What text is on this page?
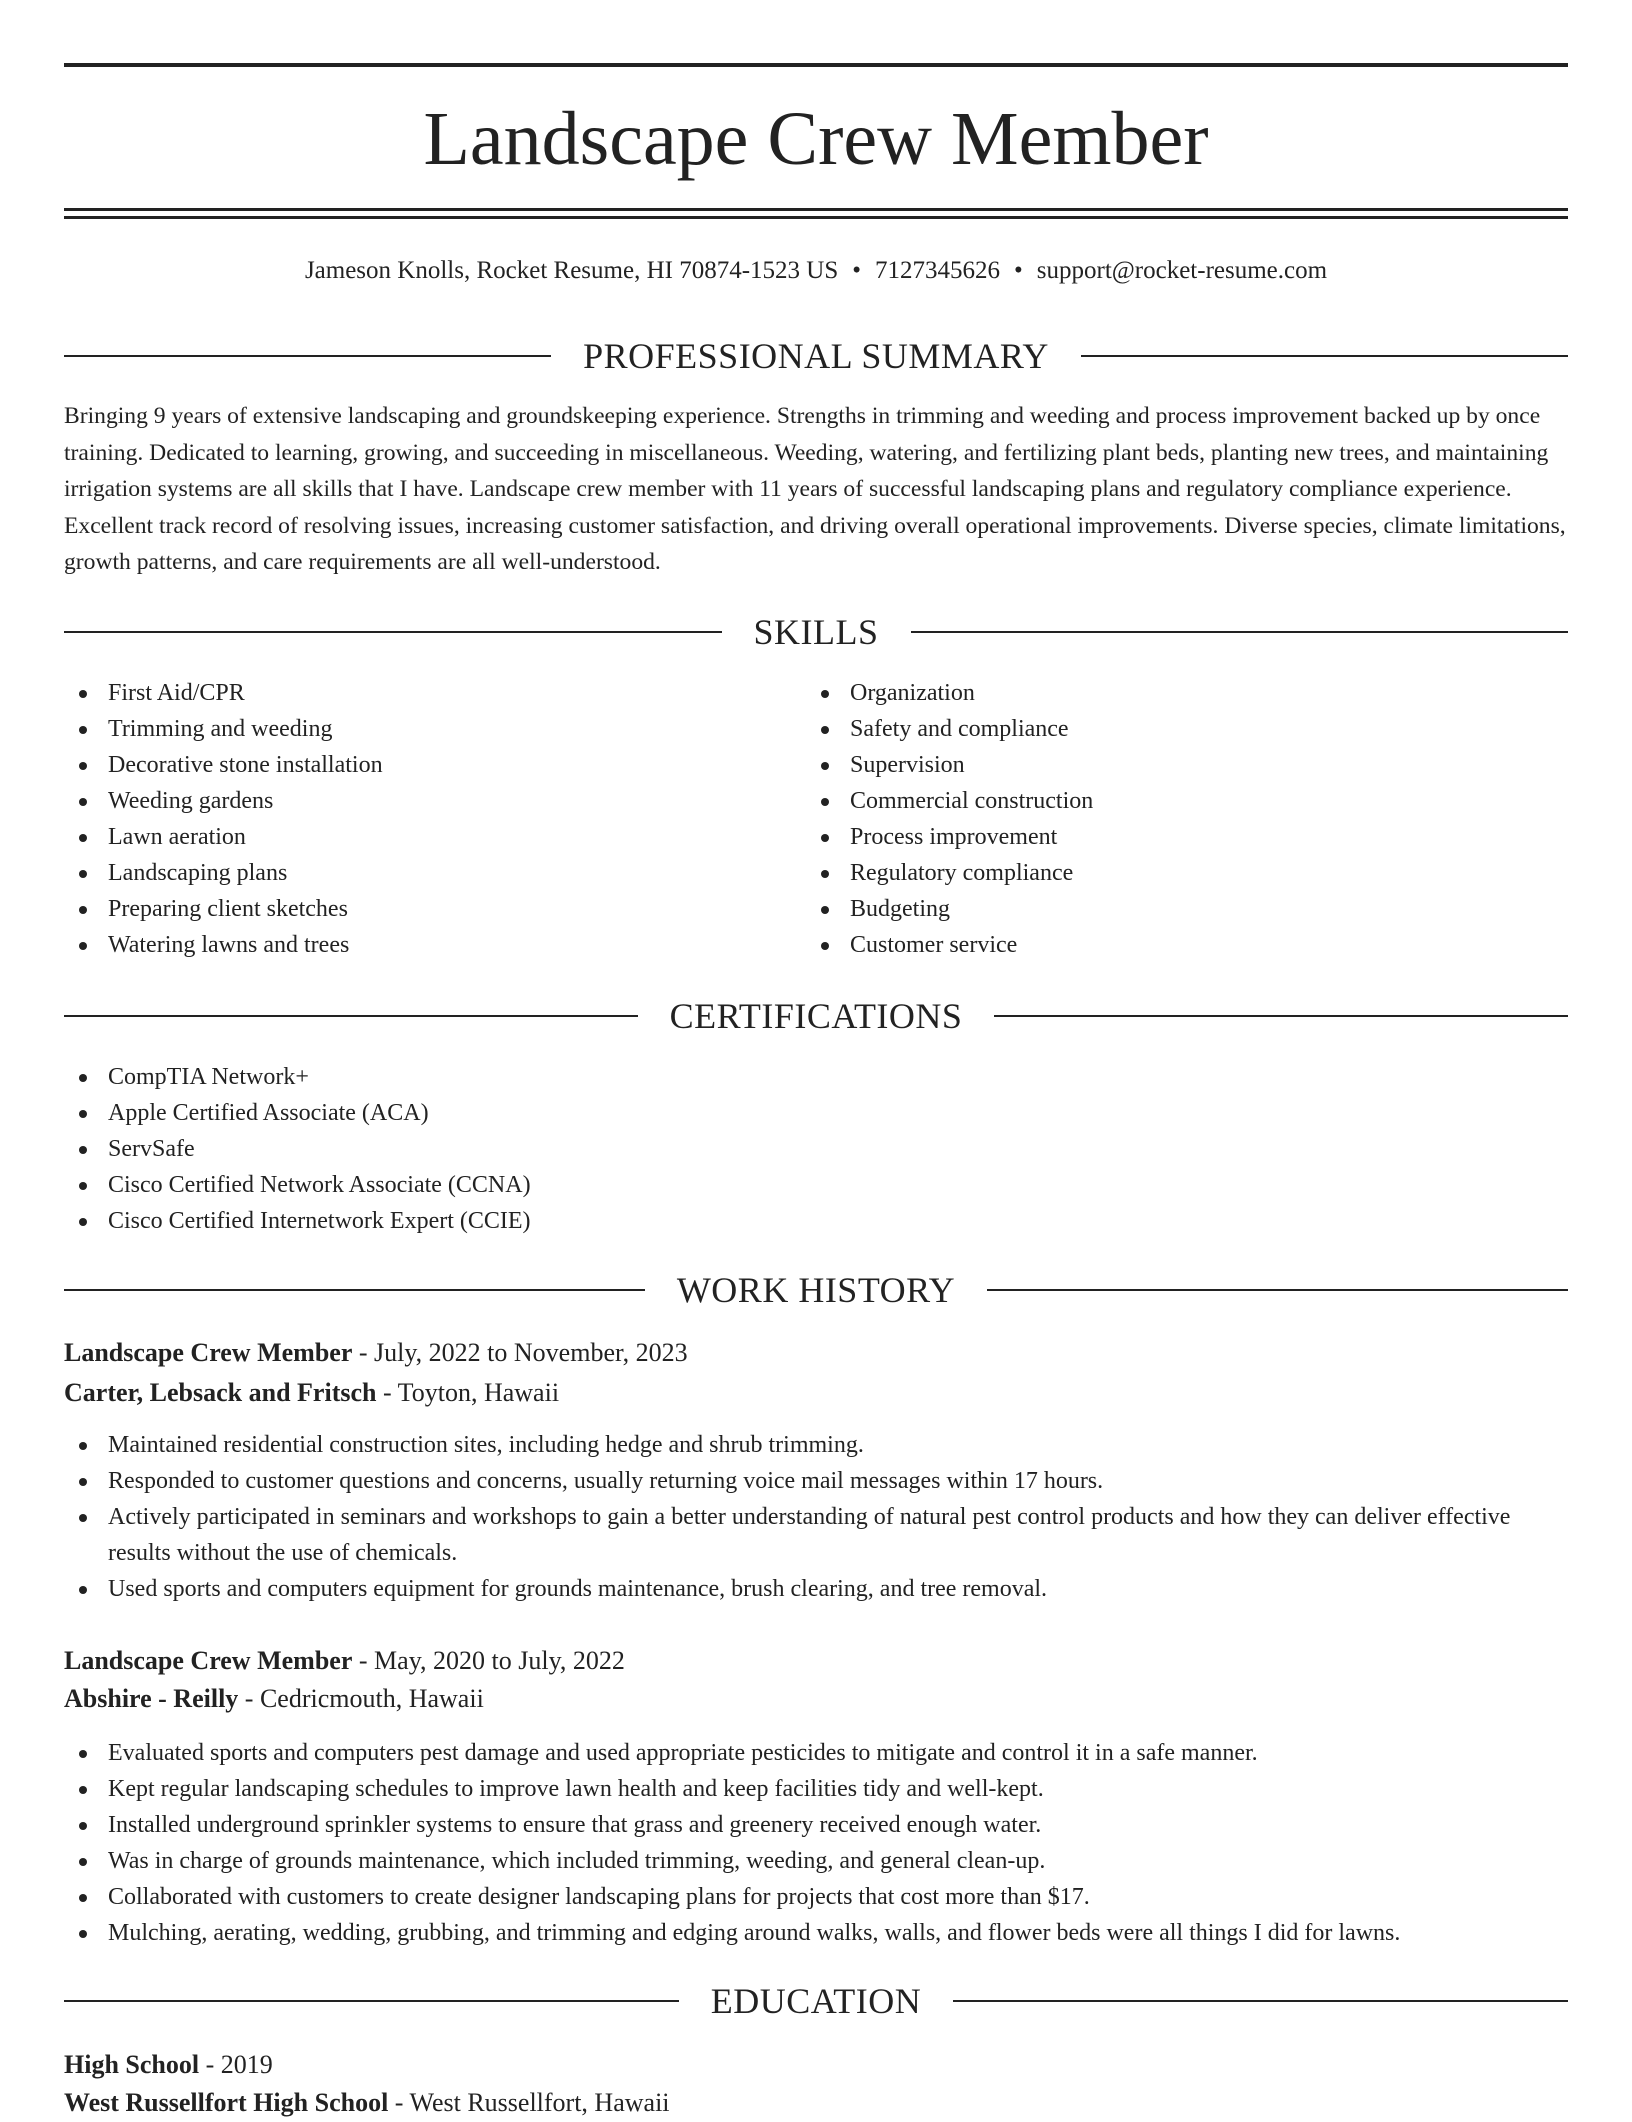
Landscape Crew Member
Jameson Knolls, Rocket Resume, HI 70874-1523 US • 7127345626 • support@rocket-resume.com
PROFESSIONAL SUMMARY

Bringing 9 years of extensive landscaping and groundskeeping experience. Strengths in trimming and weeding and process improvement backed up by once training. Dedicated to learning, growing, and succeeding in miscellaneous. Weeding, watering, and fertilizing plant beds, planting new trees, and maintaining irrigation systems are all skills that I have. Landscape crew member with 11 years of successful landscaping plans and regulatory compliance experience. Excellent track record of resolving issues, increasing customer satisfaction, and driving overall operational improvements. Diverse species, climate limitations, growth patterns, and care requirements are all well-understood.

SKILLS
First Aid/CPR
Trimming and weeding
Decorative stone installation
Weeding gardens
Lawn aeration
Landscaping plans
Preparing client sketches
Watering lawns and trees
Organization
Safety and compliance
Supervision
Commercial construction
Process improvement
Regulatory compliance
Budgeting
Customer service
CERTIFICATIONS
CompTIA Network+
Apple Certified Associate (ACA)
ServSafe
Cisco Certified Network Associate (CCNA)
Cisco Certified Internetwork Expert (CCIE)
WORK HISTORY
Landscape Crew Member - July, 2022 to November, 2023
Carter, Lebsack and Fritsch - Toyton, Hawaii
Maintained residential construction sites, including hedge and shrub trimming.
Responded to customer questions and concerns, usually returning voice mail messages within 17 hours.
Actively participated in seminars and workshops to gain a better understanding of natural pest control products and how they can deliver effective results without the use of chemicals.
Used sports and computers equipment for grounds maintenance, brush clearing, and tree removal.
Landscape Crew Member - May, 2020 to July, 2022
Abshire - Reilly - Cedricmouth, Hawaii
Evaluated sports and computers pest damage and used appropriate pesticides to mitigate and control it in a safe manner.
Kept regular landscaping schedules to improve lawn health and keep facilities tidy and well-kept.
Installed underground sprinkler systems to ensure that grass and greenery received enough water.
Was in charge of grounds maintenance, which included trimming, weeding, and general clean-up.
Collaborated with customers to create designer landscaping plans for projects that cost more than $17.
Mulching, aerating, wedding, grubbing, and trimming and edging around walks, walls, and flower beds were all things I did for lawns.
EDUCATION
High School - 2019
West Russellfort High School - West Russellfort, Hawaii
